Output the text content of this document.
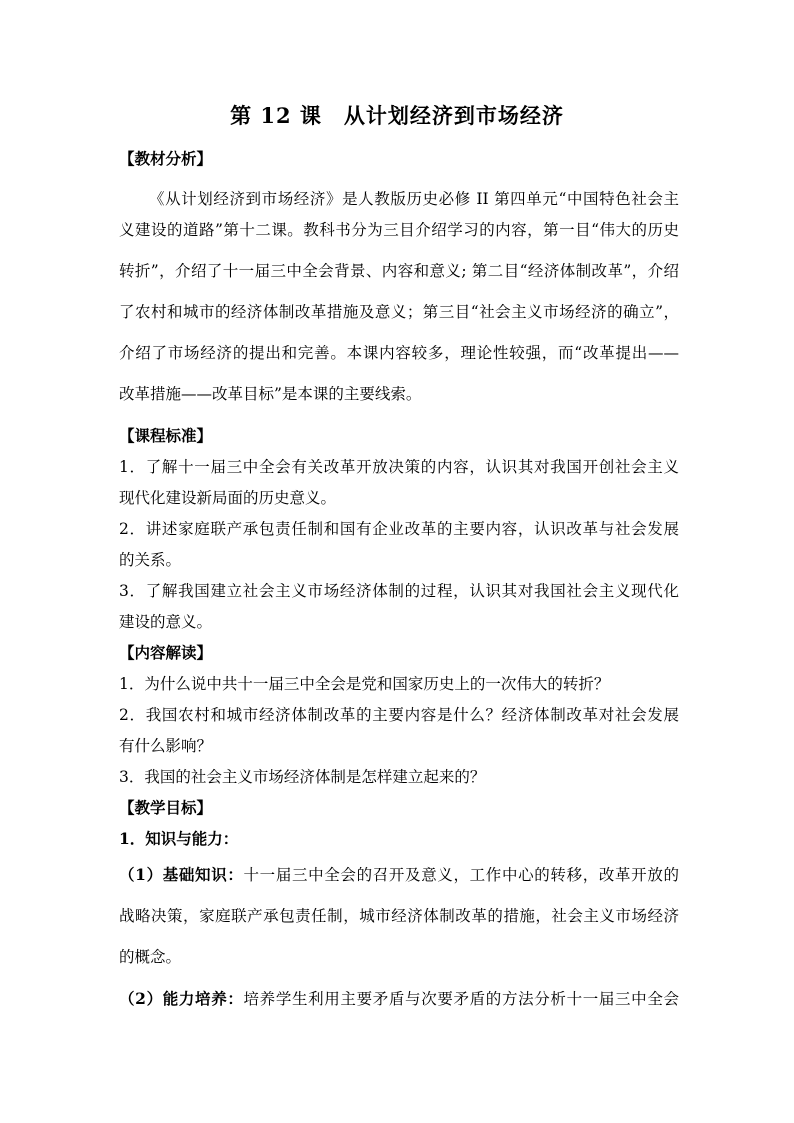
第 12 课　从计划经济到市场经济
【教材分析】
《从计划经济到市场经济》是人教版历史必修 II 第四单元“中国特色社会主
义建设的道路”第十二课。教科书分为三目介绍学习的内容，第一目“伟大的历史
转折”，介绍了十一届三中全会背景、内容和意义; 第二目“经济体制改革”，介绍
了农村和城市的经济体制改革措施及意义；第三目“社会主义市场经济的确立”，
介绍了市场经济的提出和完善。本课内容较多，理论性较强，而“改革提出——
改革措施——改革目标”是本课的主要线索。
【课程标准】
1．了解十一届三中全会有关改革开放决策的内容，认识其对我国开创社会主义
现代化建设新局面的历史意义。
2．讲述家庭联产承包责任制和国有企业改革的主要内容，认识改革与社会发展
的关系。
3．了解我国建立社会主义市场经济体制的过程，认识其对我国社会主义现代化
建设的意义。
【内容解读】
1．为什么说中共十一届三中全会是党和国家历史上的一次伟大的转折？
2．我国农村和城市经济体制改革的主要内容是什么？经济体制改革对社会发展
有什么影响？
3．我国的社会主义市场经济体制是怎样建立起来的？
【教学目标】
1．知识与能力：
（1）基础知识：十一届三中全会的召开及意义，工作中心的转移，改革开放的
战略决策，家庭联产承包责任制，城市经济体制改革的措施，社会主义市场经济
的概念。
（2）能力培养：培养学生利用主要矛盾与次要矛盾的方法分析十一届三中全会
